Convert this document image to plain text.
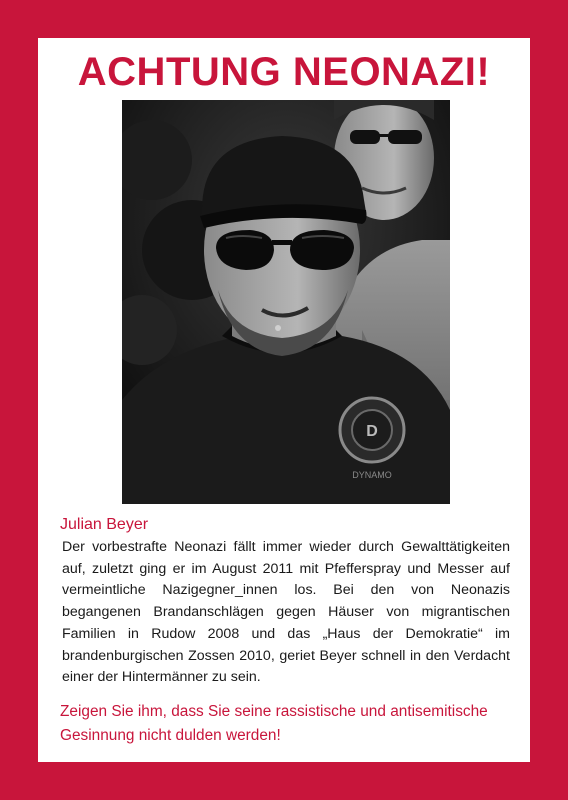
ACHTUNG NEONAZI!
D
DYNAMO
Julian Beyer
Der vorbestrafte Neonazi fällt immer wieder durch Gewalttätigkeiten auf, zuletzt ging er im August 2011 mit Pfefferspray und Messer auf vermeintliche Nazigegner_innen los. Bei den von Neonazis begangenen Brandanschlägen gegen Häuser von migrantischen Familien in Rudow 2008 und das „Haus der Demokratie“ im brandenburgischen Zossen 2010, geriet Beyer schnell in den Verdacht einer der Hintermänner zu sein.
Zeigen Sie ihm, dass Sie seine rassistische und antisemitische Gesinnung nicht dulden werden!
